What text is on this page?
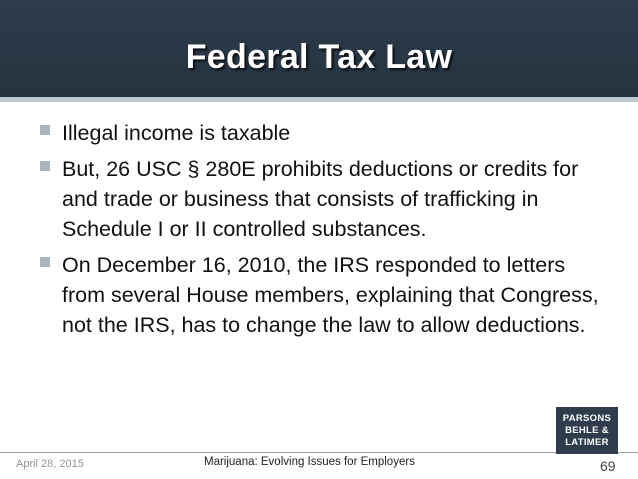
Federal Tax Law
Illegal income is taxable
But, 26 USC § 280E prohibits deductions or credits for and trade or business that consists of trafficking in Schedule I or II controlled substances.
On December 16, 2010, the IRS responded to letters from several House members, explaining that Congress, not the IRS, has to change the law to allow deductions.
April 28, 2015	Marijuana: Evolving Issues for Employers	69
PARSONS
BEHLE &
LATIMER
